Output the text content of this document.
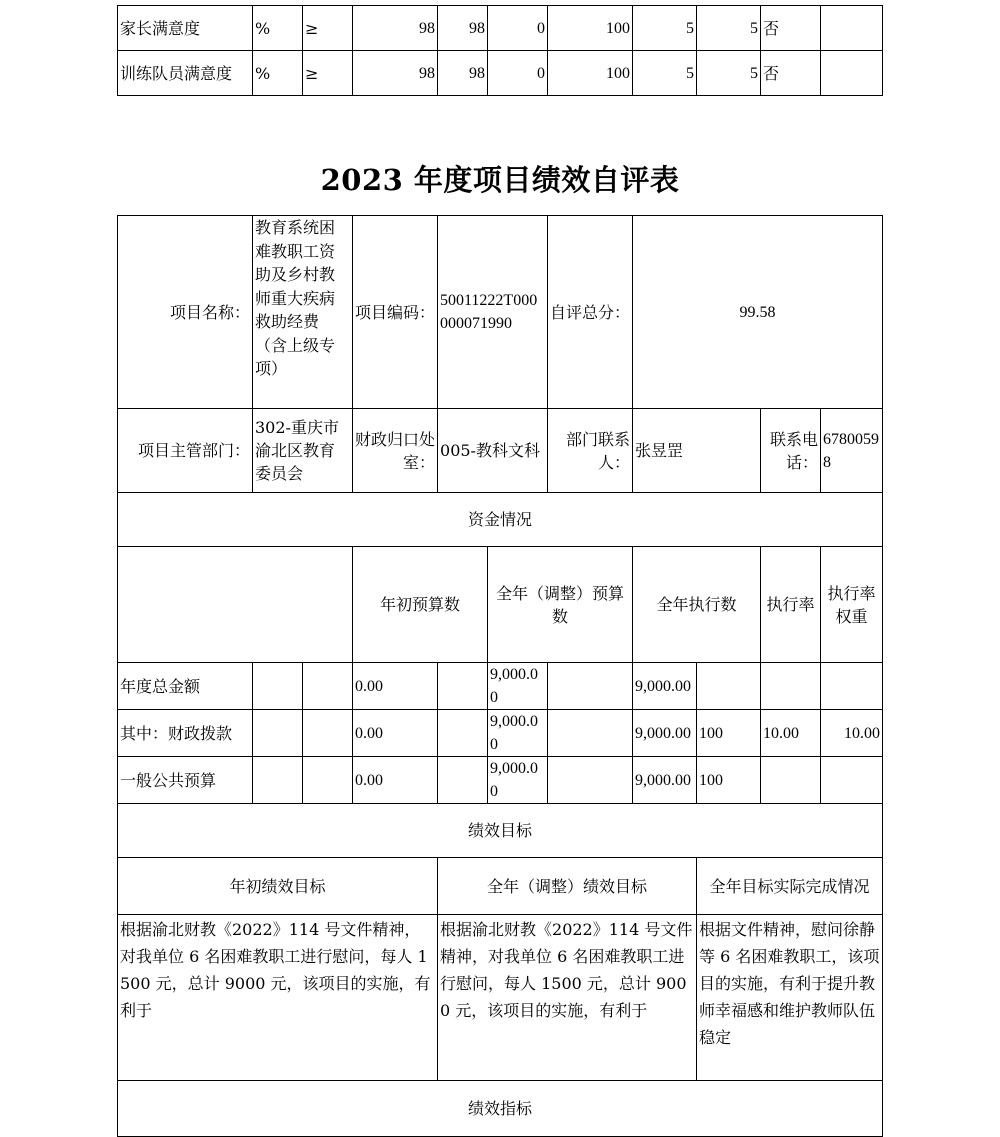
家长满意度	%	≥	98	98	0	100	5	5	否	
训练队员满意度	%	≥	98	98	0	100	5	5	否	
2023 年度项目绩效自评表
项目名称：	教育系统困难教职工资助及乡村教师重大疾病救助经费（含上级专项）		项目编码：	50011222T000000071990		自评总分：	99.58				
项目主管部门：	302-重庆市渝北区教育委员会		财政归口处室：	005-教科文科		部门联系人：	张昱罡		联系电话：	67800598	
资金情况											
			年初预算数		全年（调整）预算数		全年执行数		执行率	执行率权重	
年度总金额			0.00		9,000.00		9,000.00				
其中：财政拨款			0.00		9,000.00		9,000.00	100	10.00	10.00	
一般公共预算			0.00		9,000.00		9,000.00	100			
绩效目标											
年初绩效目标				全年（调整）绩效目标				全年目标实际完成情况			
根据渝北财教《2022》114 号文件精神，对我单位 6 名困难教职工进行慰问，每人 1500 元，总计 9000 元，该项目的实施，有利于				根据渝北财教《2022》114 号文件精神，对我单位 6 名困难教职工进行慰问，每人 1500 元，总计 9000 元，该项目的实施，有利于				根据文件精神，慰问徐静等 6 名困难教职工，该项目的实施，有利于提升教师幸福感和维护教师队伍稳定			
绩效指标											
